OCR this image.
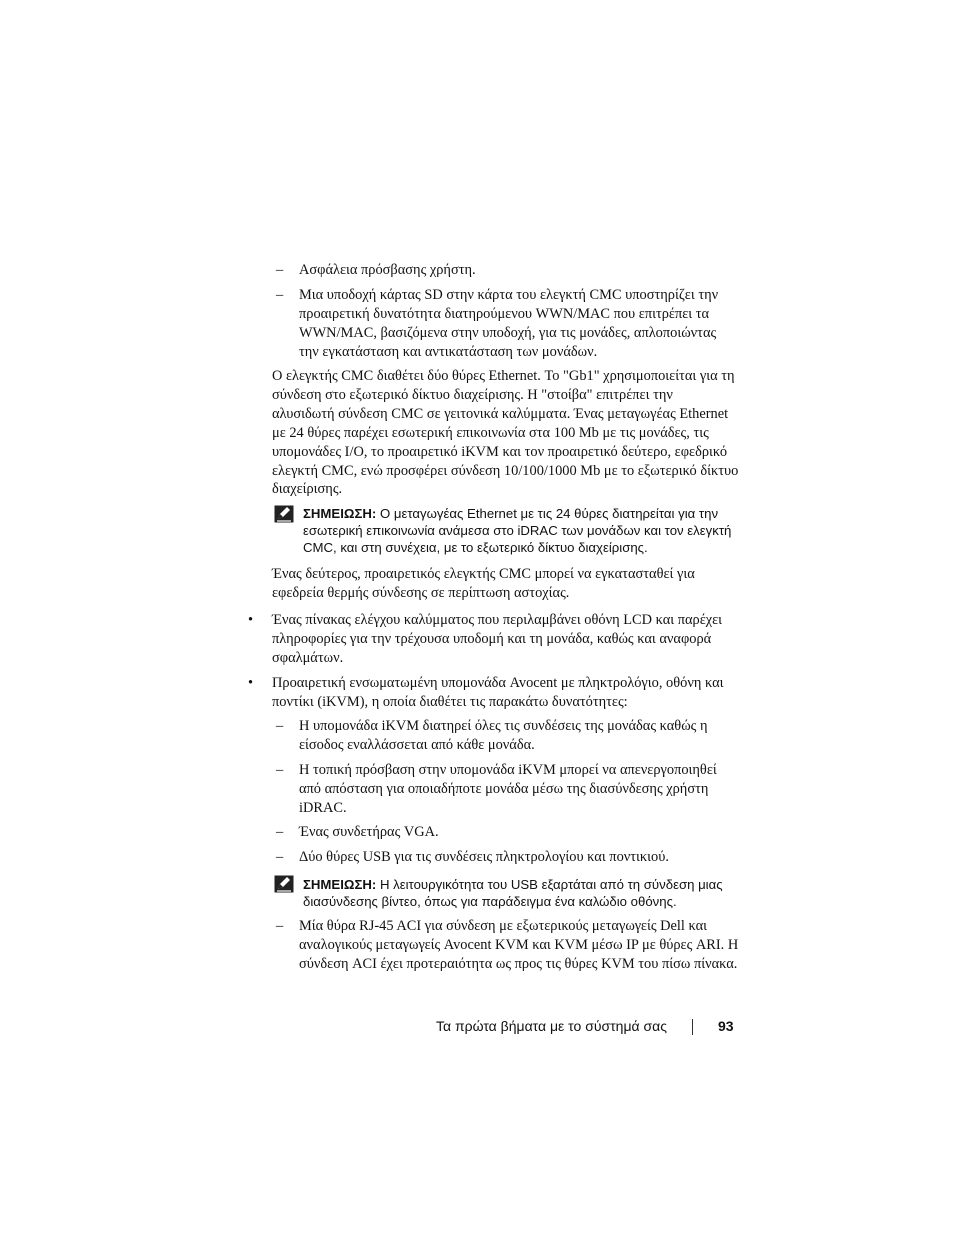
– Ασφάλεια πρόσβασης χρήστη.

– Μια υποδοχή κάρτας SD στην κάρτα του ελεγκτή CMC υποστηρίζει την προαιρετική δυνατότητα διατηρούμενου WWN/MAC που επιτρέπει τα WWN/MAC, βασιζόμενα στην υποδοχή, για τις μονάδες, απλοποιώντας την εγκατάσταση και αντικατάσταση των μονάδων.

Ο ελεγκτής CMC διαθέτει δύο θύρες Ethernet. Το "Gb1" χρησιμοποιείται για τη σύνδεση στο εξωτερικό δίκτυο διαχείρισης. Η "στοίβα" επιτρέπει την αλυσιδωτή σύνδεση CMC σε γειτονικά καλύμματα. Ένας μεταγωγέας Ethernet με 24 θύρες παρέχει εσωτερική επικοινωνία στα 100 Mb με τις μονάδες, τις υπομονάδες I/O, το προαιρετικό iKVM και τον προαιρετικό δεύτερο, εφεδρικό ελεγκτή CMC, ενώ προσφέρει σύνδεση 10/100/1000 Mb με το εξωτερικό δίκτυο διαχείρισης.

ΣΗΜΕΙΩΣΗ: Ο μεταγωγέας Ethernet με τις 24 θύρες διατηρείται για την εσωτερική επικοινωνία ανάμεσα στο iDRAC των μονάδων και τον ελεγκτή CMC, και στη συνέχεια, με το εξωτερικό δίκτυο διαχείρισης.

Ένας δεύτερος, προαιρετικός ελεγκτής CMC μπορεί να εγκατασταθεί για εφεδρεία θερμής σύνδεσης σε περίπτωση αστοχίας.

• Ένας πίνακας ελέγχου καλύμματος που περιλαμβάνει οθόνη LCD και παρέχει πληροφορίες για την τρέχουσα υποδομή και τη μονάδα, καθώς και αναφορά σφαλμάτων.

• Προαιρετική ενσωματωμένη υπομονάδα Avocent με πληκτρολόγιο, οθόνη και ποντίκι (iKVM), η οποία διαθέτει τις παρακάτω δυνατότητες:

– Η υπομονάδα iKVM διατηρεί όλες τις συνδέσεις της μονάδας καθώς η είσοδος εναλλάσσεται από κάθε μονάδα.

– Η τοπική πρόσβαση στην υπομονάδα iKVM μπορεί να απενεργοποιηθεί από απόσταση για οποιαδήποτε μονάδα μέσω της διασύνδεσης χρήστη iDRAC.

– Ένας συνδετήρας VGA.

– Δύο θύρες USB για τις συνδέσεις πληκτρολογίου και ποντικιού.

ΣΗΜΕΙΩΣΗ: Η λειτουργικότητα του USB εξαρτάται από τη σύνδεση μιας διασύνδεσης βίντεο, όπως για παράδειγμα ένα καλώδιο οθόνης.

– Μία θύρα RJ-45 ACI για σύνδεση με εξωτερικούς μεταγωγείς Dell και αναλογικούς μεταγωγείς Avocent KVM και KVM μέσω IP με θύρες ARI. Η σύνδεση ACI έχει προτεραιότητα ως προς τις θύρες KVM του πίσω πίνακα.

Τα πρώτα βήματα με το σύστημά σας	93
